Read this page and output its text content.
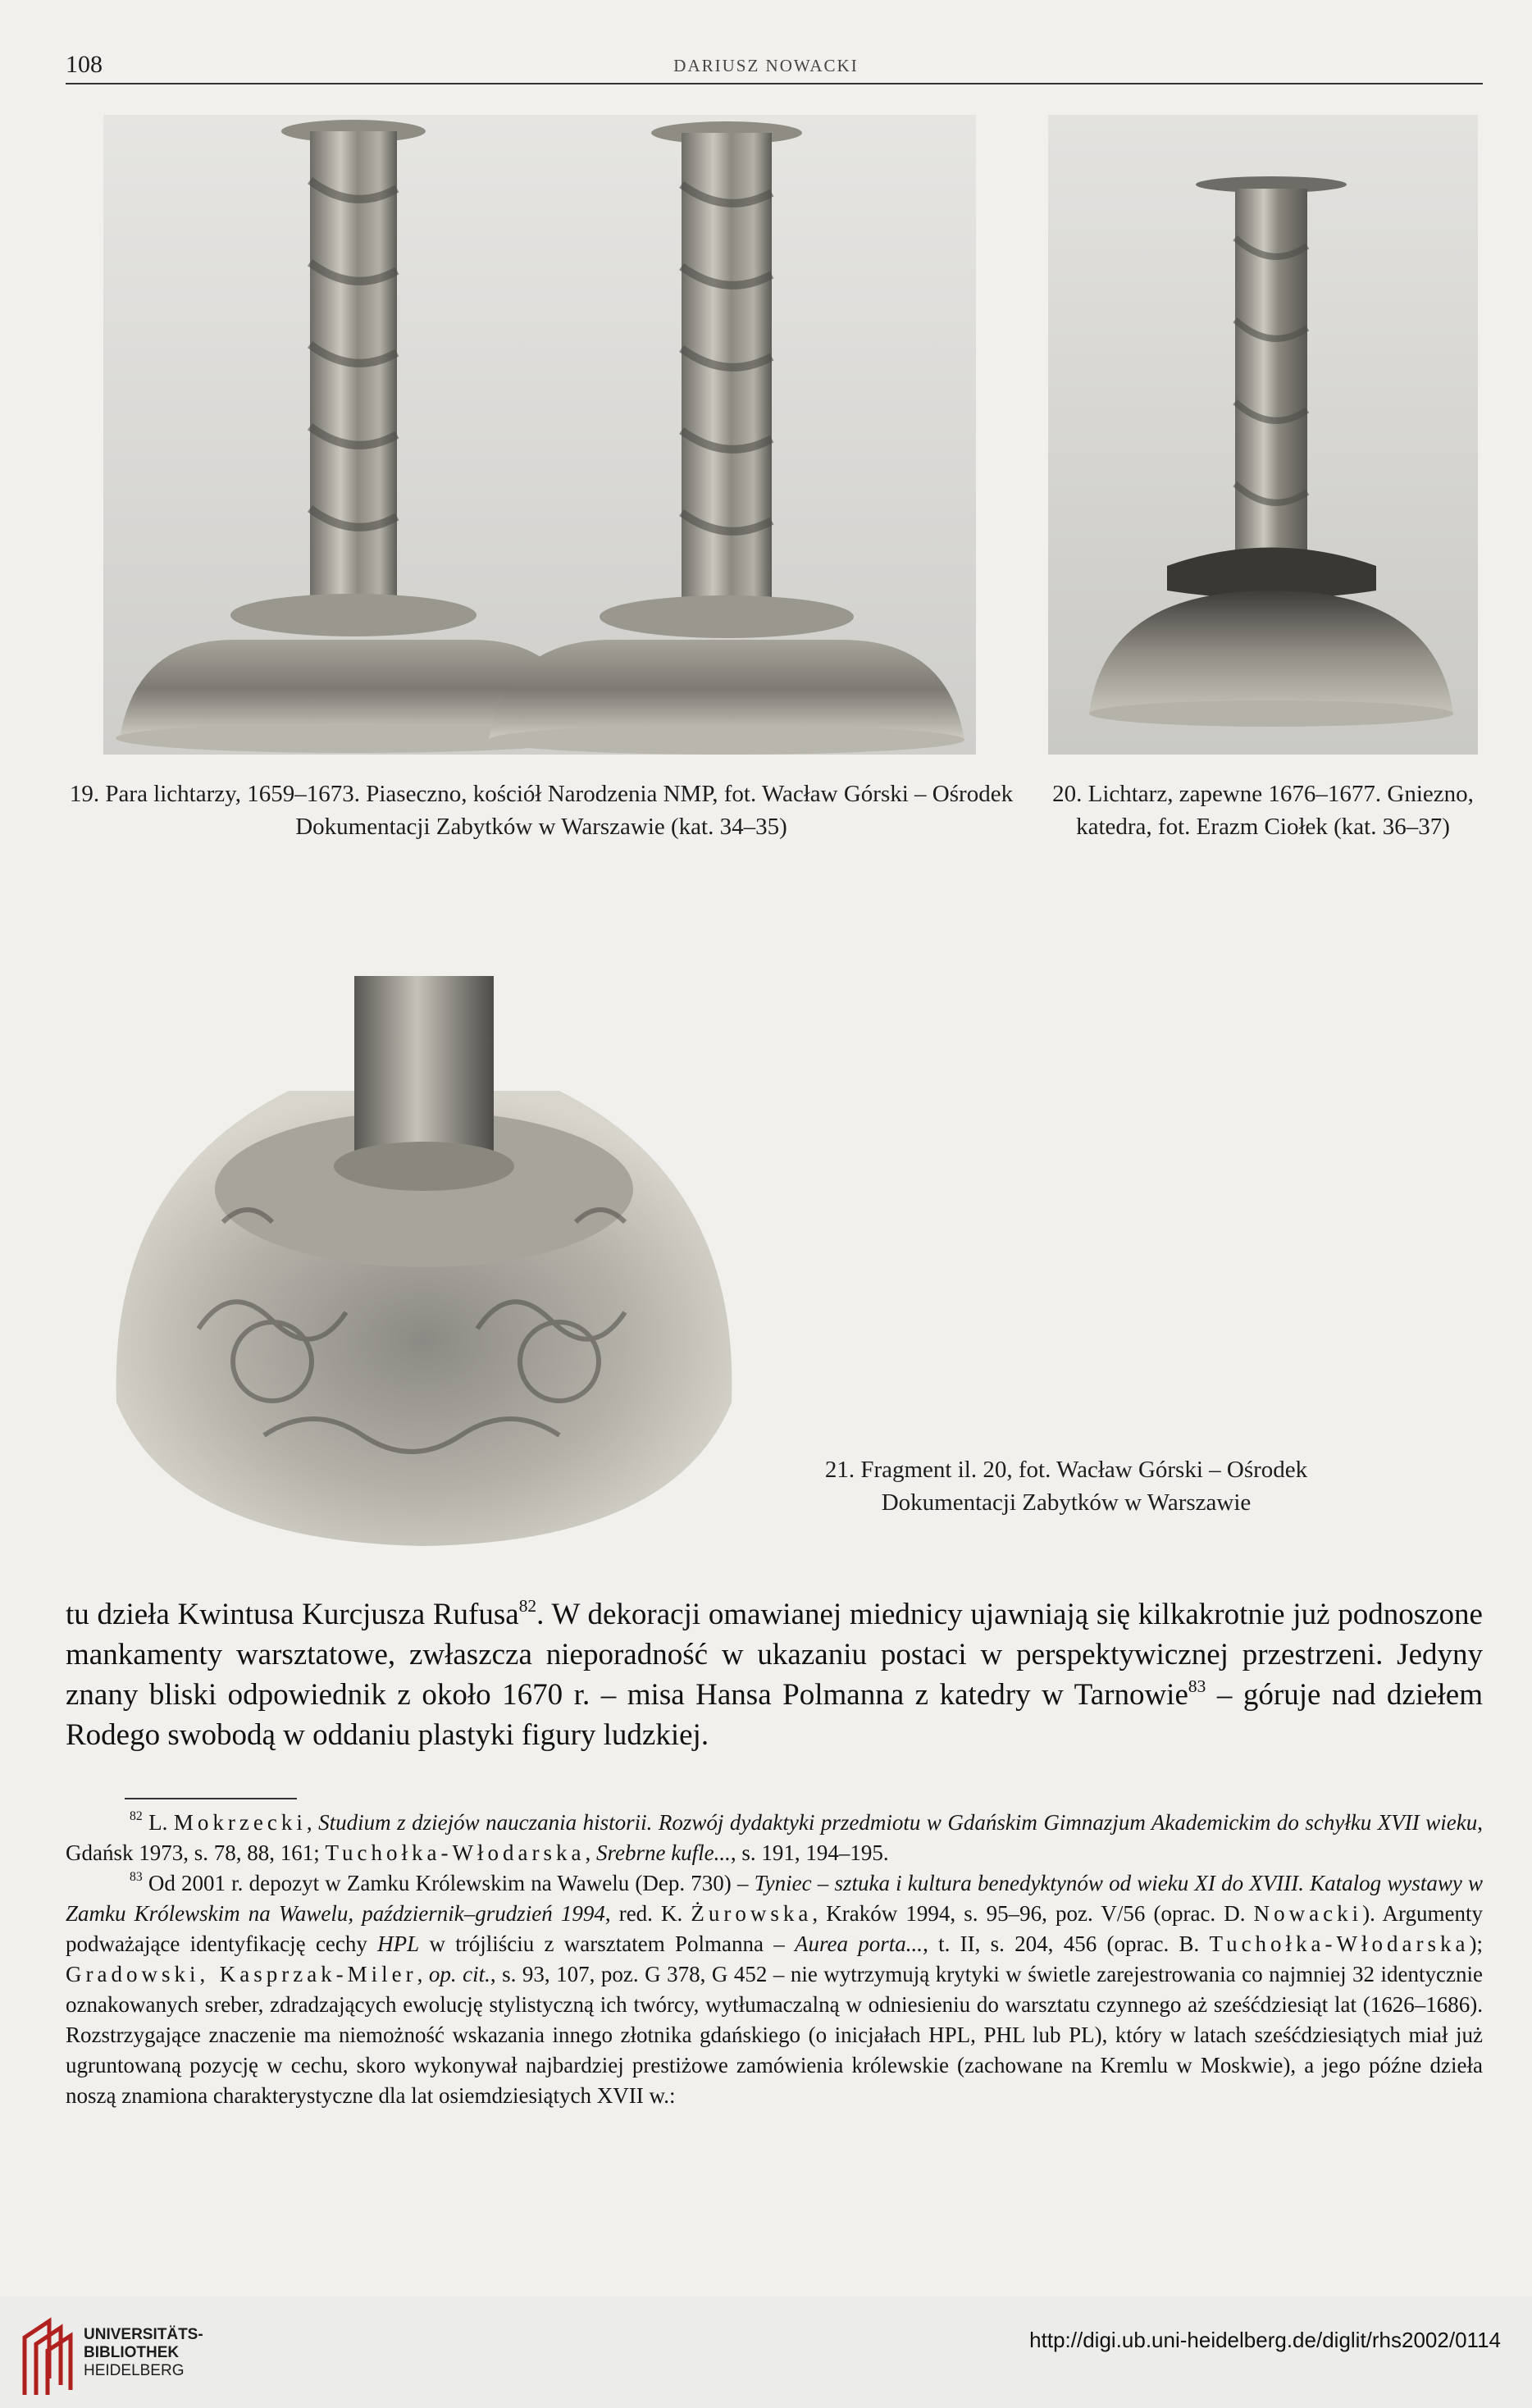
108	DARIUSZ NOWACKI
19. Para lichtarzy, 1659–1673. Piaseczno, kościół Narodzenia NMP, fot. Wacław Górski – Ośrodek Dokumentacji Zabytków w Warszawie (kat. 34–35)
20. Lichtarz, zapewne 1676–1677. Gniezno, katedra, fot. Erazm Ciołek (kat. 36–37)
21. Fragment il. 20, fot. Wacław Górski – Ośrodek Dokumentacji Zabytków w Warszawie

tu dzieła Kwintusa Kurcjusza Rufusa$^{82}$. W dekoracji omawianej miednicy ujawniają się kilkakrotnie już podnoszone mankamenty warsztatowe, zwłaszcza nieporadność w ukazaniu postaci w perspektywicznej przestrzeni. Jedyny znany bliski odpowiednik z około 1670 r. – misa Hansa Polmanna z katedry w Tarnowie$^{83}$ – góruje nad dziełem Rodego swobodą w oddaniu plastyki figury ludzkiej.

$^{82}$ L. Mokrzecki, Studium z dziejów nauczania historii. Rozwój dydaktyki przedmiotu w Gdańskim Gimnazjum Akademickim do schyłku XVII wieku, Gdańsk 1973, s. 78, 88, 161; Tuchołka-Włodarska, Srebrne kufle..., s. 191, 194–195.

$^{83}$ Od 2001 r. depozyt w Zamku Królewskim na Wawelu (Dep. 730) – Tyniec – sztuka i kultura benedyktynów od wieku XI do XVIII. Katalog wystawy w Zamku Królewskim na Wawelu, październik–grudzień 1994, red. K. Żurowska, Kraków 1994, s. 95–96, poz. V/56 (oprac. D. Nowacki). Argumenty podważające identyfikację cechy HPL w trójliściu z warsztatem Polmanna – Aurea porta..., t. II, s. 204, 456 (oprac. B. Tuchołka-Włodarska); Gradowski, Kasprzak-Miler, op. cit., s. 93, 107, poz. G 378, G 452 – nie wytrzymują krytyki w świetle zarejestrowania co najmniej 32 identycznie oznakowanych sreber, zdradzających ewolucję stylistyczną ich twórcy, wytłumaczalną w odniesieniu do warsztatu czynnego aż sześćdziesiąt lat (1626–1686). Rozstrzygające znaczenie ma niemożność wskazania innego złotnika gdańskiego (o inicjałach HPL, PHL lub PL), który w latach sześćdziesiątych miał już ugruntowaną pozycję w cechu, skoro wykonywał najbardziej prestiżowe zamówienia królewskie (zachowane na Kremlu w Moskwie), a jego późne dzieła noszą znamiona charakterystyczne dla lat osiemdziesiątych XVII w.:

UNIVERSITÄTS-
BIBLIOTHEK
HEIDELBERG
http://digi.ub.uni-heidelberg.de/diglit/rhs2002/0114
